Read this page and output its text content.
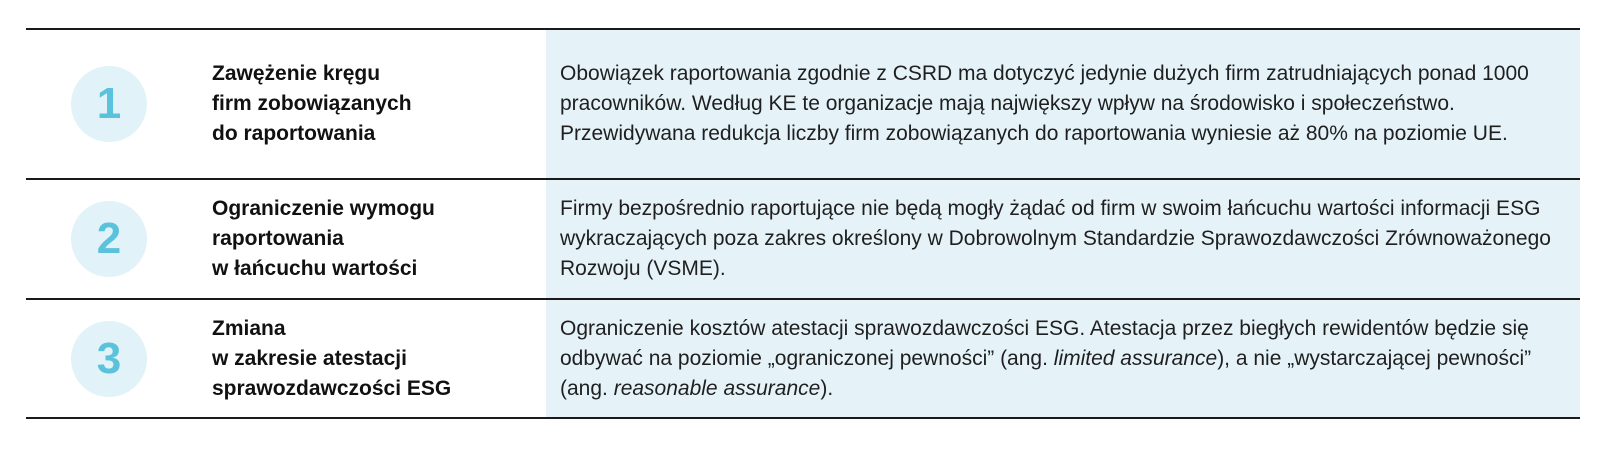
1
Zawężenie kręgu
firm zobowiązanych
do raportowania
Obowiązek raportowania zgodnie z CSRD ma dotyczyć jedynie dużych firm zatrudniających ponad 1000 pracowników. Według KE te organizacje mają największy wpływ na środowisko i społeczeństwo. Przewidywana redukcja liczby firm zobowiązanych do raportowania wyniesie aż 80% na poziomie UE.
2
Ograniczenie wymogu
raportowania
w łańcuchu wartości
Firmy bezpośrednio raportujące nie będą mogły żądać od firm w swoim łańcuchu wartości informacji ESG wykraczających poza zakres określony w Dobrowolnym Standardzie Sprawozdawczości Zrównoważonego Rozwoju (VSME).
3
Zmiana
w zakresie atestacji
sprawozdawczości ESG
Ograniczenie kosztów atestacji sprawozdawczości ESG. Atestacja przez biegłych rewidentów będzie się odbywać na poziomie „ograniczonej pewności” (ang. limited assurance), a nie „wystarczającej pewności” (ang. reasonable assurance).
